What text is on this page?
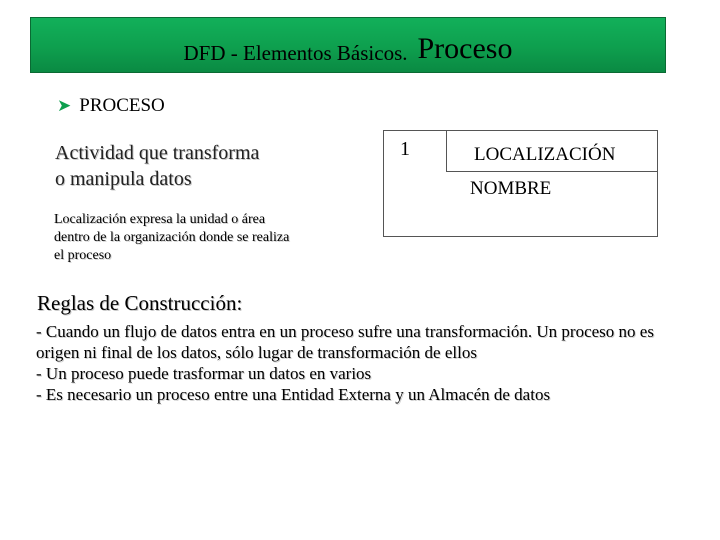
DFD - Elementos Básicos. Proceso
➤ PROCESO
Actividad que transforma
o manipula datos
Localización expresa la unidad o área
dentro de la organización donde se realiza
el proceso
1	LOCALIZACIÓN
NOMBRE
Reglas de Construcción:
- Cuando un flujo de datos entra en un proceso sufre una transformación. Un proceso no es origen ni final de los datos, sólo lugar de transformación de ellos
- Un proceso puede trasformar un datos en varios
- Es necesario un proceso entre una Entidad Externa y un Almacén de datos
